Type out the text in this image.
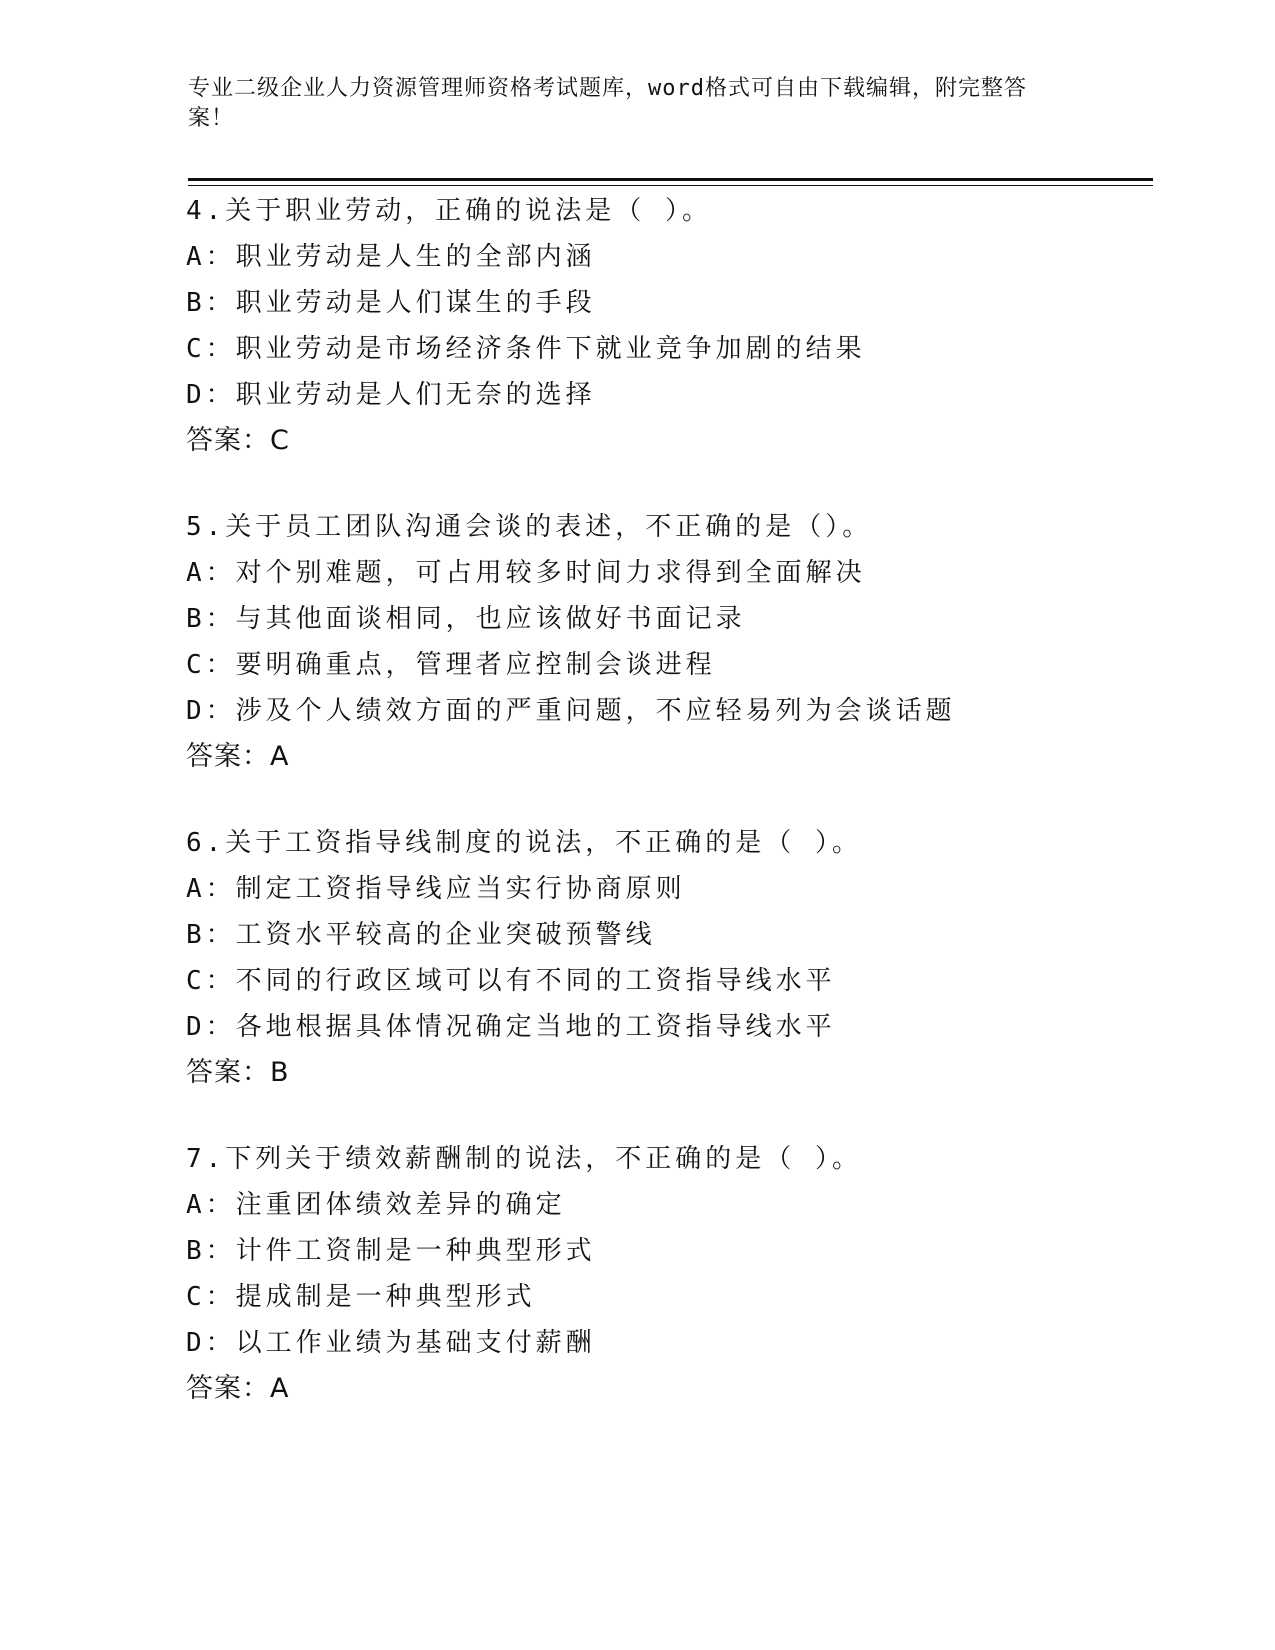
专业二级企业人力资源管理师资格考试题库，word格式可自由下载编辑，附完整答案！
4.关于职业劳动，正确的说法是（ ）。
A：职业劳动是人生的全部内涵
B：职业劳动是人们谋生的手段
C：职业劳动是市场经济条件下就业竞争加剧的结果
D：职业劳动是人们无奈的选择
答案：C
5.关于员工团队沟通会谈的表述，不正确的是（）。
A：对个别难题，可占用较多时间力求得到全面解决
B：与其他面谈相同，也应该做好书面记录
C：要明确重点，管理者应控制会谈进程
D：涉及个人绩效方面的严重问题，不应轻易列为会谈话题
答案：A
6.关于工资指导线制度的说法，不正确的是（ ）。
A：制定工资指导线应当实行协商原则
B：工资水平较高的企业突破预警线
C：不同的行政区域可以有不同的工资指导线水平
D：各地根据具体情况确定当地的工资指导线水平
答案：B
7.下列关于绩效薪酬制的说法，不正确的是（ ）。
A：注重团体绩效差异的确定
B：计件工资制是一种典型形式
C：提成制是一种典型形式
D：以工作业绩为基础支付薪酬
答案：A
